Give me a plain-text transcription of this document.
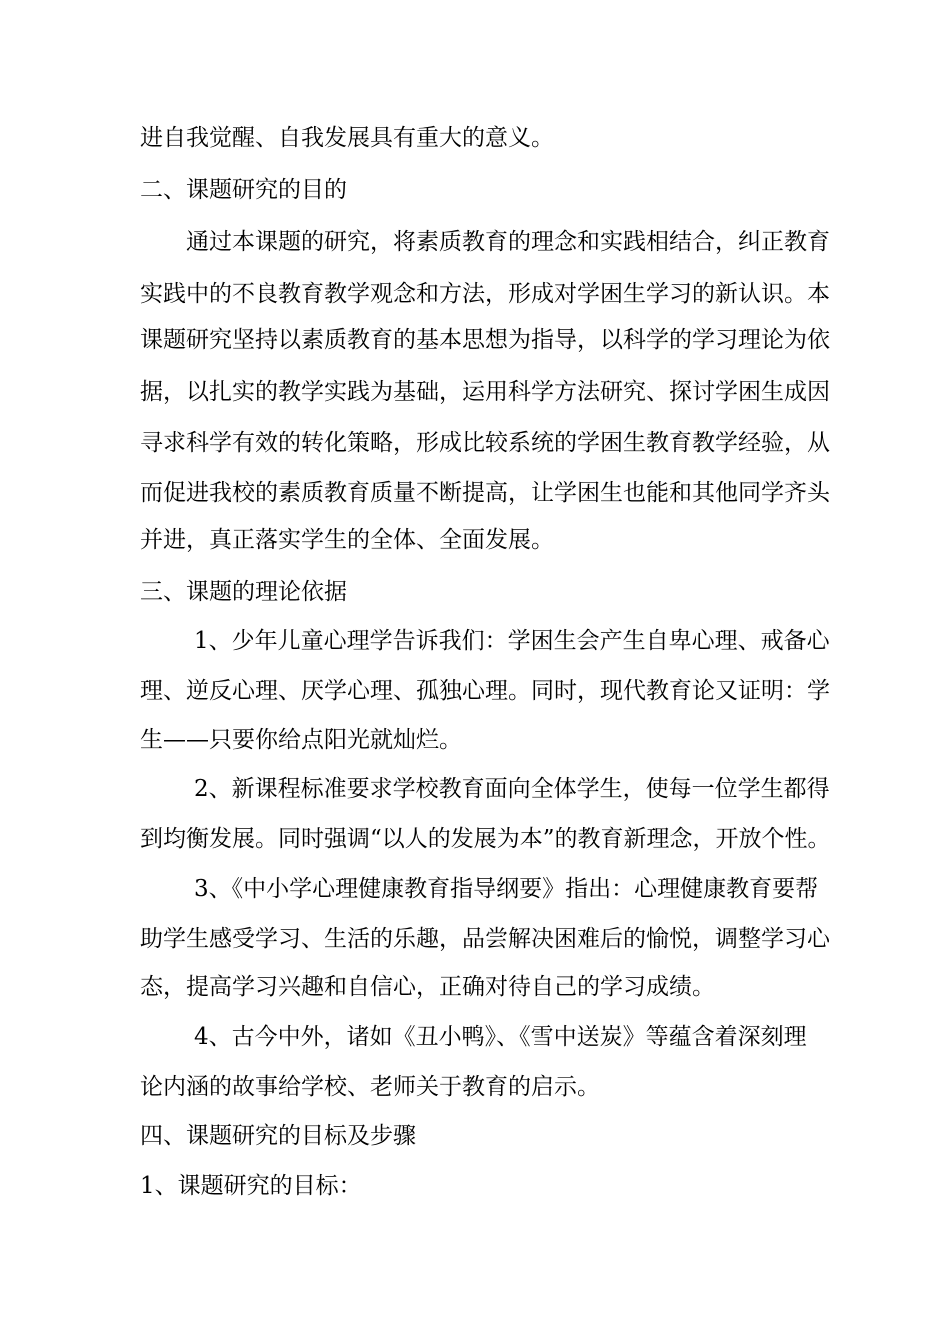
进自我觉醒、自我发展具有重大的意义。
二、课题研究的目的
通过本课题的研究，将素质教育的理念和实践相结合，纠正教育
实践中的不良教育教学观念和方法，形成对学困生学习的新认识。本
课题研究坚持以素质教育的基本思想为指导，以科学的学习理论为依
据，以扎实的教学实践为基础，运用科学方法研究、探讨学困生成因
寻求科学有效的转化策略，形成比较系统的学困生教育教学经验，从
而促进我校的素质教育质量不断提高，让学困生也能和其他同学齐头
并进，真正落实学生的全体、全面发展。
三、课题的理论依据
1、少年儿童心理学告诉我们：学困生会产生自卑心理、戒备心
理、逆反心理、厌学心理、孤独心理。同时，现代教育论又证明：学
生——只要你给点阳光就灿烂。
2、新课程标准要求学校教育面向全体学生，使每一位学生都得
到均衡发展。同时强调“以人的发展为本”的教育新理念，开放个性。
3、《中小学心理健康教育指导纲要》指出：心理健康教育要帮
助学生感受学习、生活的乐趣，品尝解决困难后的愉悦，调整学习心
态，提高学习兴趣和自信心，正确对待自己的学习成绩。
4、古今中外，诸如《丑小鸭》、《雪中送炭》等蕴含着深刻理
论内涵的故事给学校、老师关于教育的启示。
四、课题研究的目标及步骤
1、课题研究的目标：
